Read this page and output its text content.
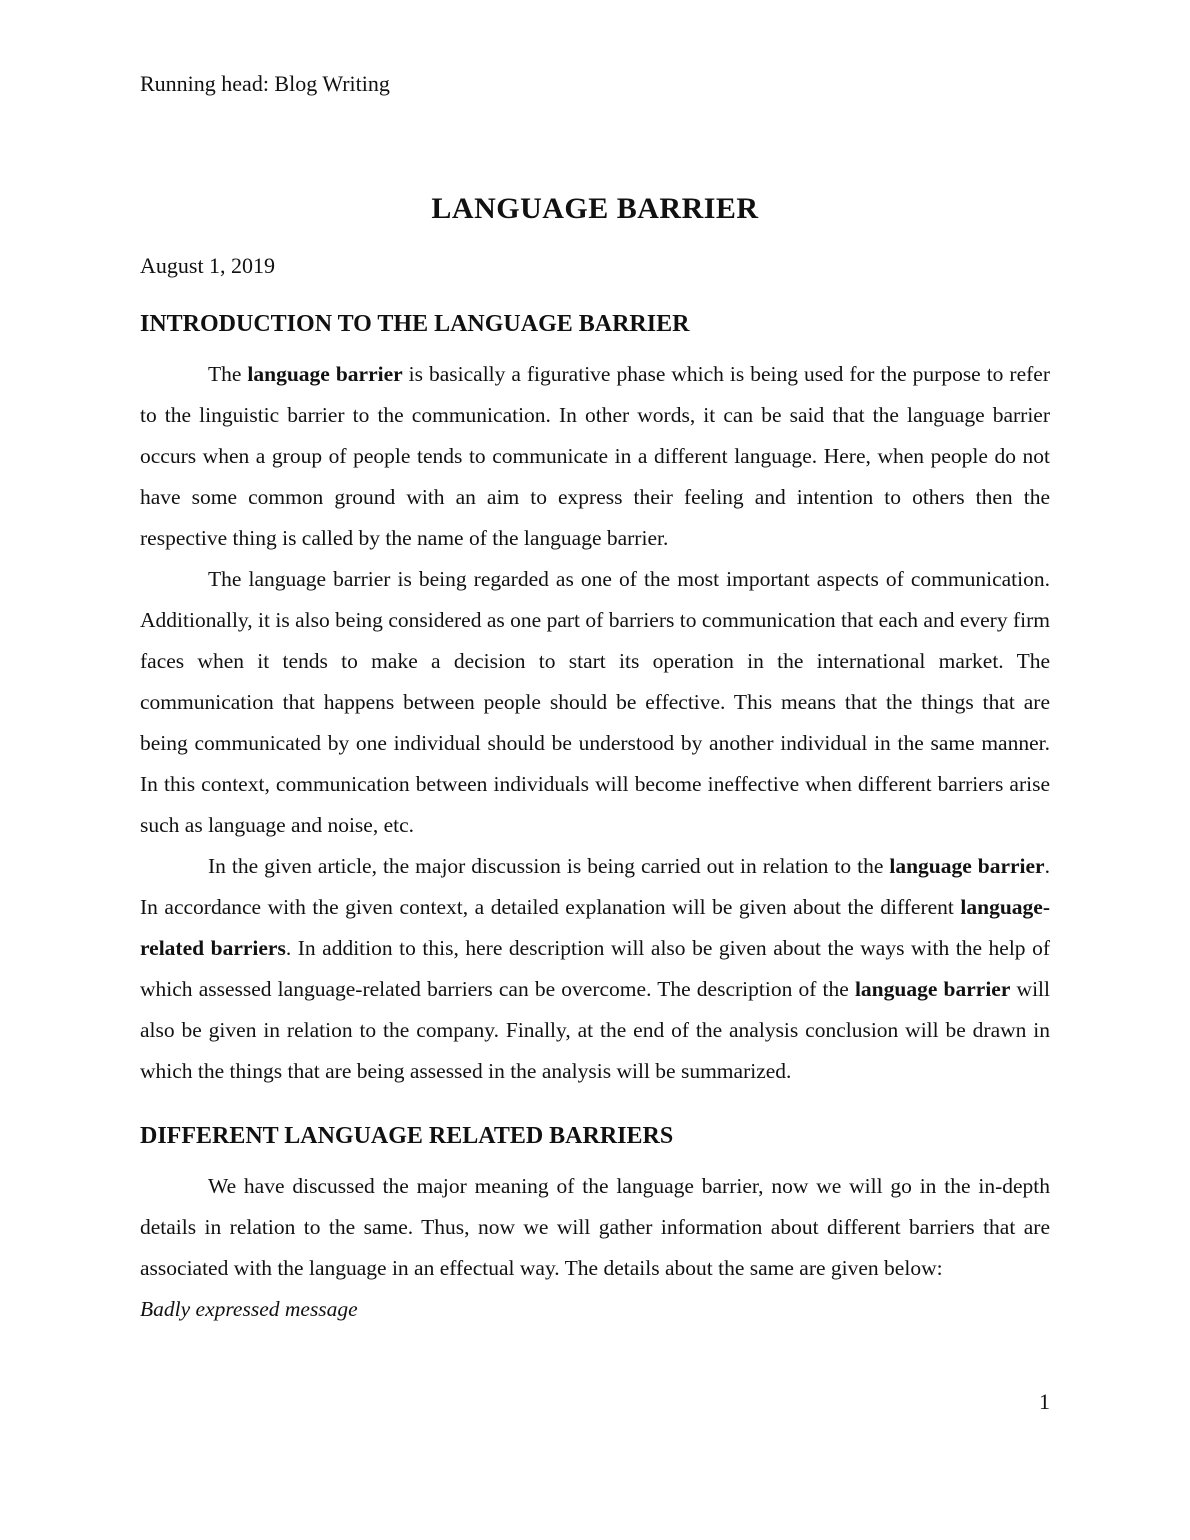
Running head: Blog Writing
LANGUAGE BARRIER
August 1, 2019
INTRODUCTION TO THE LANGUAGE BARRIER

The language barrier is basically a figurative phase which is being used for the purpose to refer to the linguistic barrier to the communication. In other words, it can be said that the language barrier occurs when a group of people tends to communicate in a different language. Here, when people do not have some common ground with an aim to express their feeling and intention to others then the respective thing is called by the name of the language barrier.

The language barrier is being regarded as one of the most important aspects of communication. Additionally, it is also being considered as one part of barriers to communication that each and every firm faces when it tends to make a decision to start its operation in the international market. The communication that happens between people should be effective. This means that the things that are being communicated by one individual should be understood by another individual in the same manner. In this context, communication between individuals will become ineffective when different barriers arise such as language and noise, etc.

In the given article, the major discussion is being carried out in relation to the language barrier. In accordance with the given context, a detailed explanation will be given about the different language-related barriers. In addition to this, here description will also be given about the ways with the help of which assessed language-related barriers can be overcome. The description of the language barrier will also be given in relation to the company. Finally, at the end of the analysis conclusion will be drawn in which the things that are being assessed in the analysis will be summarized.

DIFFERENT LANGUAGE RELATED BARRIERS

We have discussed the major meaning of the language barrier, now we will go in the in-depth details in relation to the same. Thus, now we will gather information about different barriers that are associated with the language in an effectual way. The details about the same are given below:

Badly expressed message

1
